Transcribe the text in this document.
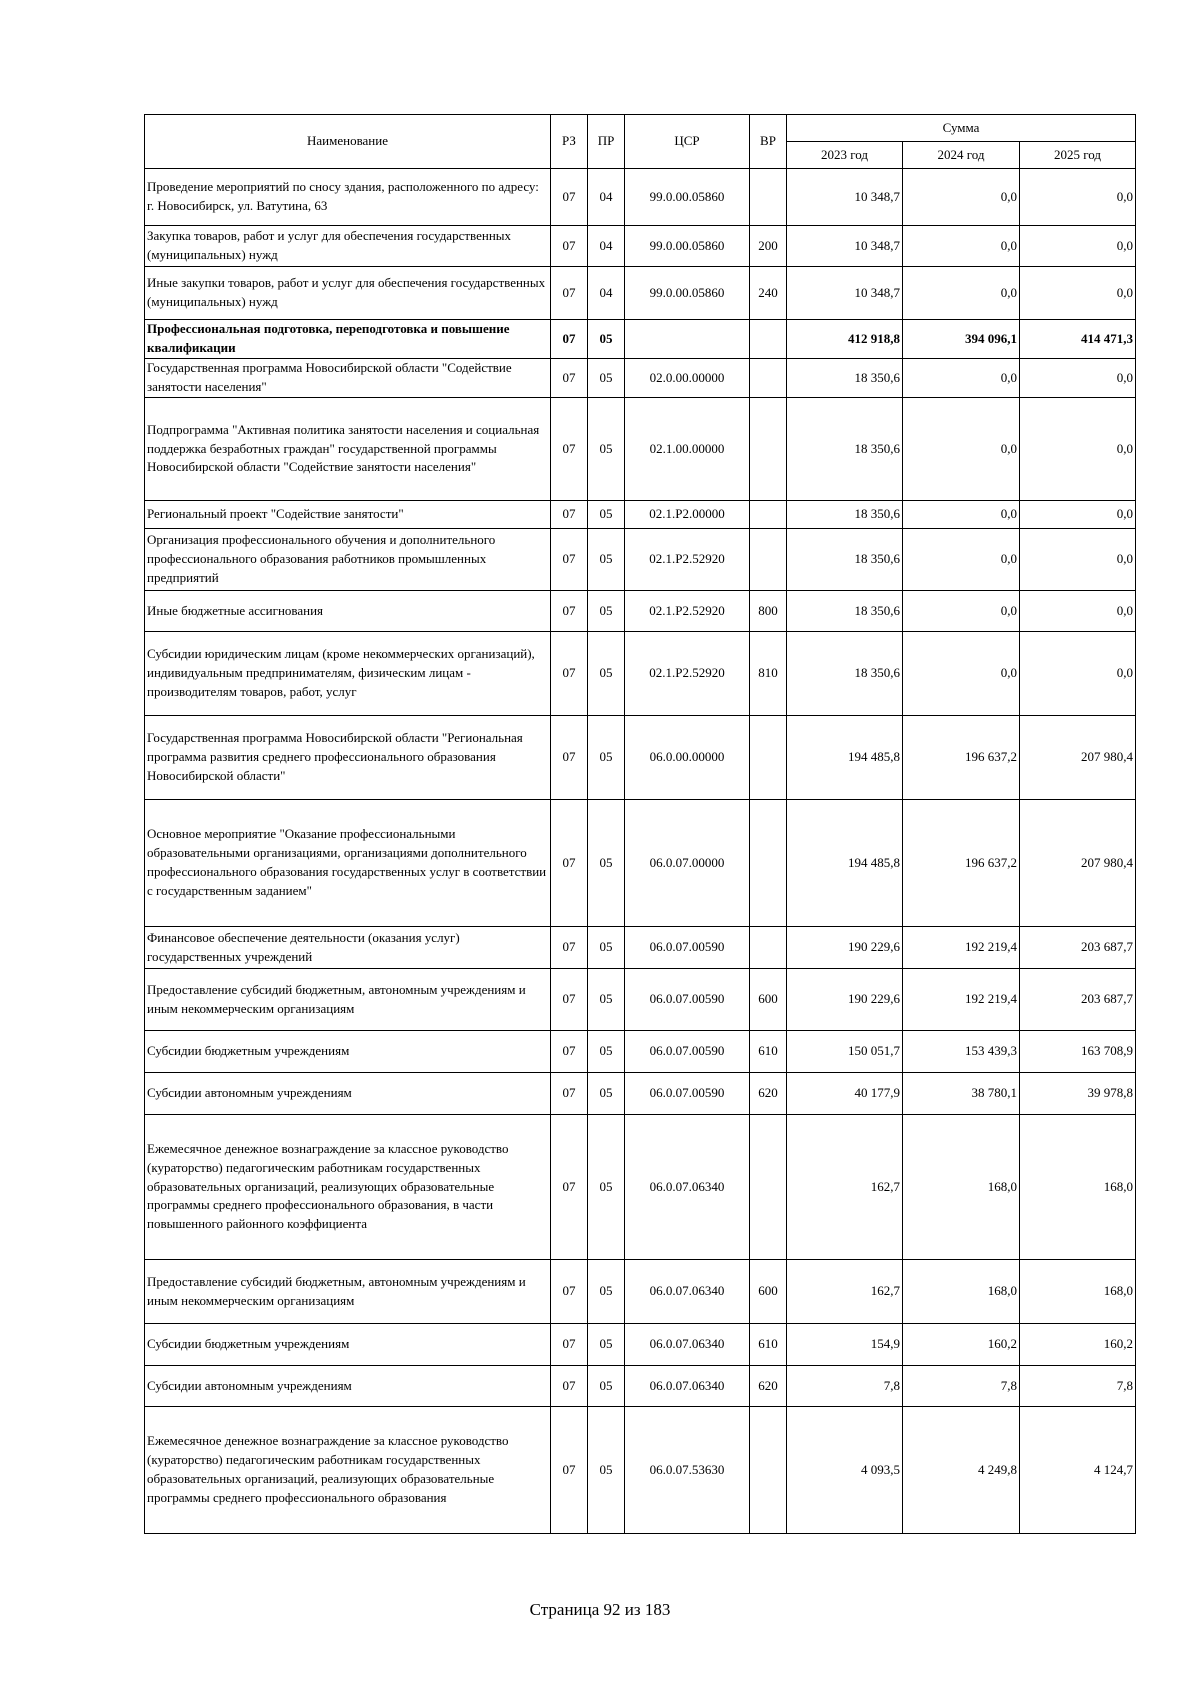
Наименование	РЗ	ПР	ЦСР	ВР	Сумма		
					2023 год	2024 год	2025 год
Проведение мероприятий по сносу здания, расположенного по адресу: г. Новосибирск, ул. Ватутина, 63	07	04	99.0.00.05860		10 348,7	0,0	0,0
Закупка товаров, работ и услуг для обеспечения государственных (муниципальных) нужд	07	04	99.0.00.05860	200	10 348,7	0,0	0,0
Иные закупки товаров, работ и услуг для обеспечения государственных (муниципальных) нужд	07	04	99.0.00.05860	240	10 348,7	0,0	0,0
Профессиональная подготовка, переподготовка и повышение квалификации	07	05			412 918,8	394 096,1	414 471,3
Государственная программа Новосибирской области "Содействие занятости населения"	07	05	02.0.00.00000		18 350,6	0,0	0,0
Подпрограмма "Активная политика занятости населения и социальная поддержка безработных граждан" государственной программы Новосибирской области "Содействие занятости населения"	07	05	02.1.00.00000		18 350,6	0,0	0,0
Региональный проект "Содействие занятости"	07	05	02.1.Р2.00000		18 350,6	0,0	0,0
Организация профессионального обучения и дополнительного профессионального образования работников промышленных предприятий	07	05	02.1.Р2.52920		18 350,6	0,0	0,0
Иные бюджетные ассигнования	07	05	02.1.Р2.52920	800	18 350,6	0,0	0,0
Субсидии юридическим лицам (кроме некоммерческих организаций), индивидуальным предпринимателям, физическим лицам - производителям товаров, работ, услуг	07	05	02.1.Р2.52920	810	18 350,6	0,0	0,0
Государственная программа Новосибирской области "Региональная программа развития среднего профессионального образования Новосибирской области"	07	05	06.0.00.00000		194 485,8	196 637,2	207 980,4
Основное мероприятие "Оказание профессиональными образовательными организациями, организациями дополнительного профессионального образования государственных услуг в соответствии с государственным заданием"	07	05	06.0.07.00000		194 485,8	196 637,2	207 980,4
Финансовое обеспечение деятельности (оказания услуг) государственных учреждений	07	05	06.0.07.00590		190 229,6	192 219,4	203 687,7
Предоставление субсидий бюджетным, автономным учреждениям и иным некоммерческим организациям	07	05	06.0.07.00590	600	190 229,6	192 219,4	203 687,7
Субсидии бюджетным учреждениям	07	05	06.0.07.00590	610	150 051,7	153 439,3	163 708,9
Субсидии автономным учреждениям	07	05	06.0.07.00590	620	40 177,9	38 780,1	39 978,8
Ежемесячное денежное вознаграждение за классное руководство (кураторство) педагогическим работникам государственных образовательных организаций, реализующих образовательные программы среднего профессионального образования, в части повышенного районного коэффициента	07	05	06.0.07.06340		162,7	168,0	168,0
Предоставление субсидий бюджетным, автономным учреждениям и иным некоммерческим организациям	07	05	06.0.07.06340	600	162,7	168,0	168,0
Субсидии бюджетным учреждениям	07	05	06.0.07.06340	610	154,9	160,2	160,2
Субсидии автономным учреждениям	07	05	06.0.07.06340	620	7,8	7,8	7,8
Ежемесячное денежное вознаграждение за классное руководство (кураторство) педагогическим работникам государственных образовательных организаций, реализующих образовательные программы среднего профессионального образования	07	05	06.0.07.53630		4 093,5	4 249,8	4 124,7
Страница 92 из 183
